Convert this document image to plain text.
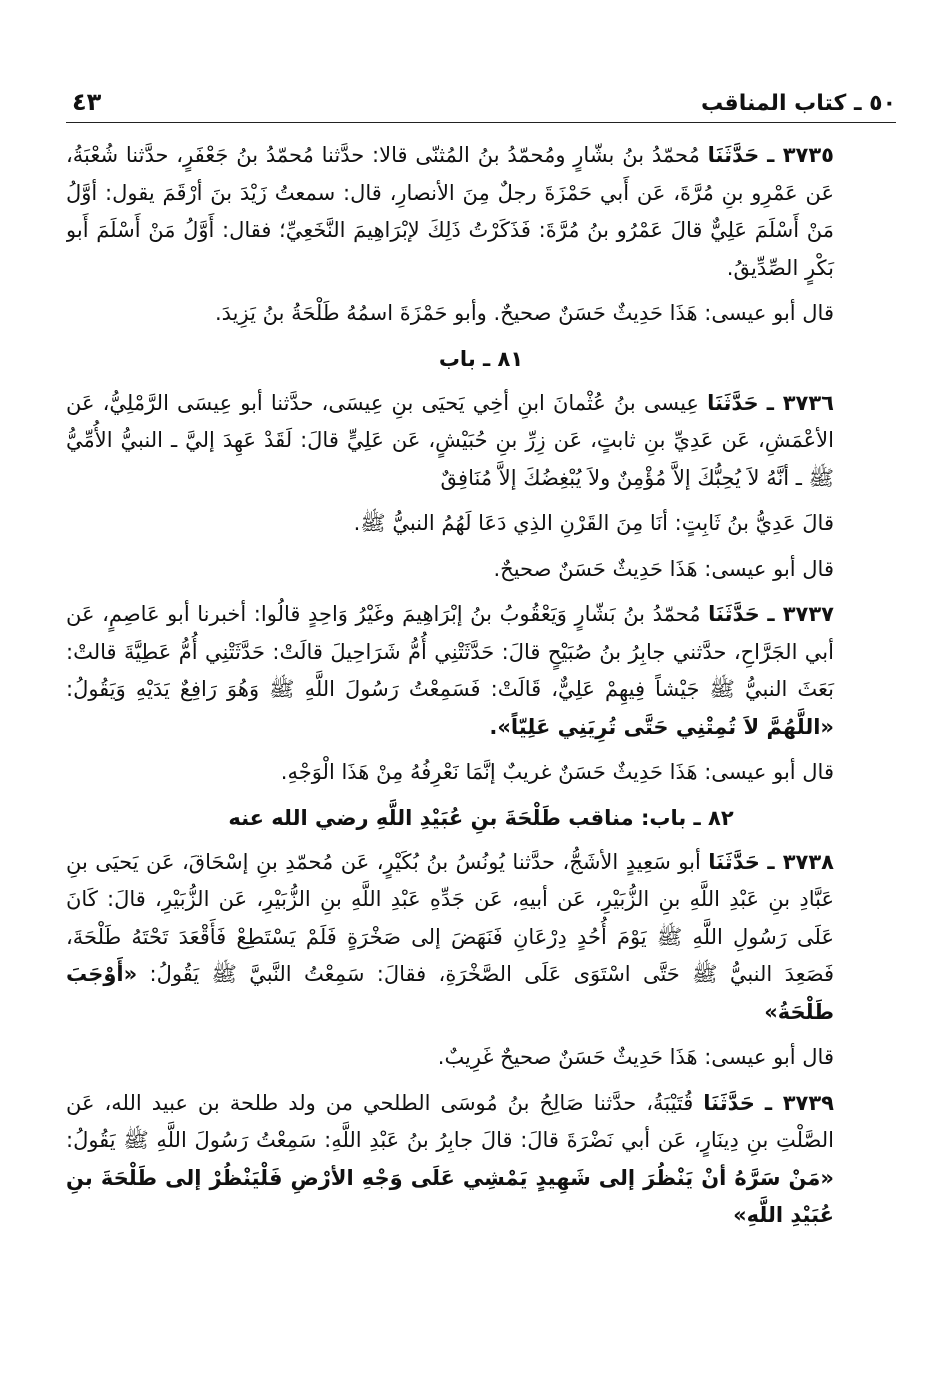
٥٠ ـ كتاب المناقب
٤٣

٣٧٣٥ ـ حَدَّثَنَا مُحمّدُ بنُ بشّارٍ ومُحمّدُ بنُ المُثنّى قالا: حدَّثنا مُحمّدُ بنُ جَعْفَرٍ، حدَّثنا شُعْبَةُ، عَن عَمْرِو بنِ مُرَّةَ، عَن أَبي حَمْزَةَ رجلٌ مِنَ الأنصارِ، قال: سمعتُ زَيْدَ بنَ أرْقَمَ يقول: أوَّلُ مَنْ أَسْلَمَ عَلِيٌّ قالَ عَمْرُو بنُ مُرَّةَ: فَذَكَرْتُ ذَلِكَ لإبْرَاهِيمَ النَّخَعِيِّ؛ فقال: أَوَّلُ مَنْ أَسْلَمَ أَبو بَكْرٍ الصِّدِّيقُ.

قال أبو عيسى: هَذَا حَدِيثٌ حَسَنٌ صحيحٌ. وأبو حَمْزَةَ اسمُهُ طَلْحَةُ بنُ يَزِيدَ.

٨١ ـ باب

٣٧٣٦ ـ حَدَّثَنَا عِيسى بنُ عُثْمانَ ابنِ أخِي يَحيَى بنِ عِيسَى، حدَّثنا أبو عِيسَى الرَّمْلِيُّ، عَن الأعْمَشِ، عَن عَدِيِّ بنِ ثابتٍ، عَن زِرِّ بنِ حُبَيْشٍ، عَن عَلِيٍّ قالَ: لَقَدْ عَهِدَ إليَّ ـ النبيُّ الأُمِّيُّ ﷺ ـ أنَّهُ لاَ يُحِبُّكَ إلاَّ مُؤْمِنٌ ولاَ يُبْغِضُكَ إلاَّ مُنَافِقٌ

قالَ عَدِيُّ بنُ ثَابِتٍ: أنَا مِنَ القَرْنِ الذِي دَعَا لَهُمُ النبيُّ ﷺ.

قال أبو عيسى: هَذَا حَدِيثٌ حَسَنٌ صحيحٌ.

٣٧٣٧ ـ حَدَّثَنَا مُحمّدُ بنُ بَشّارٍ وَيَعْقُوبُ بنُ إبْرَاهِيمَ وغَيْرُ وَاحِدٍ قالُوا: أخبرنا أبو عَاصِمٍ، عَن أبي الجَرَّاحِ، حدَّثني جابِرُ بنُ صُبَيْحٍ قالَ: حَدَّثَتْنِي أُمُّ شَرَاحِيلَ قالَتْ: حَدَّثَتْنِي أُمُّ عَطِيَّةَ قالتْ: بَعَثَ النبيُّ ﷺ جَيْشاً فِيهِمْ عَلِيٌّ، قَالَتْ: فَسَمِعْتُ رَسُولَ اللَّهِ ﷺ وَهُوَ رَافِعٌ يَدَيْهِ وَيَقُولُ: «اللَّهُمَّ لاَ تُمِتْنِي حَتَّى تُرِيَنِي عَلِيّاً».

قال أبو عيسى: هَذَا حَدِيثٌ حَسَنٌ غريبٌ إنَّمَا نَعْرِفُهُ مِنْ هَذَا الْوَجْهِ.

٨٢ ـ باب: مناقب طَلْحَةَ بنِ عُبَيْدِ اللَّهِ رضي الله عنه

٣٧٣٨ ـ حَدَّثَنَا أبو سَعِيدٍ الأشَجُّ، حدَّثنا يُونُسُ بنُ بُكَيْرٍ، عَن مُحمّدِ بنِ إسْحَاقَ، عَن يَحيَى بنِ عَبَّادِ بنِ عَبْدِ اللَّهِ بنِ الزُّبَيْرِ، عَن أبيهِ، عَن جَدِّهِ عَبْدِ اللَّهِ بنِ الزُّبَيْرِ، عَن الزُّبَيْرِ، قالَ: كَانَ عَلَى رَسُولِ اللَّهِ ﷺ يَوْمَ أُحُدٍ دِرْعَانِ فَنَهَضَ إلى صَخْرَةٍ فَلَمْ يَسْتَطِعْ فَأَقْعَدَ تَحْتَهُ طَلْحَةَ، فَصَعِدَ النبيُّ ﷺ حَتَّى اسْتَوَى عَلَى الصَّخْرَةِ، فقالَ: سَمِعْتُ النَّبيَّ ﷺ يَقُولُ: «أَوْجَبَ طَلْحَةُ»

قال أبو عيسى: هَذَا حَدِيثٌ حَسَنٌ صحيحٌ غَرِيبٌ.

٣٧٣٩ ـ حَدَّثَنَا قُتَيْبَةُ، حدَّثنا صَالِحُ بنُ مُوسَى الطلحي من ولد طلحة بن عبيد الله، عَن الصَّلْتِ بنِ دِينَارٍ، عَن أبي نَضْرَةَ قالَ: قالَ جابِرُ بنُ عَبْدِ اللَّهِ: سَمِعْتُ رَسُولَ اللَّهِ ﷺ يَقُولُ: «مَنْ سَرَّهُ أنْ يَنْظُرَ إلى شَهِيدٍ يَمْشِي عَلَى وَجْهِ الأرْضِ فَلْيَنْظُرْ إلى طَلْحَةَ بنِ عُبَيْدِ اللَّهِ»
